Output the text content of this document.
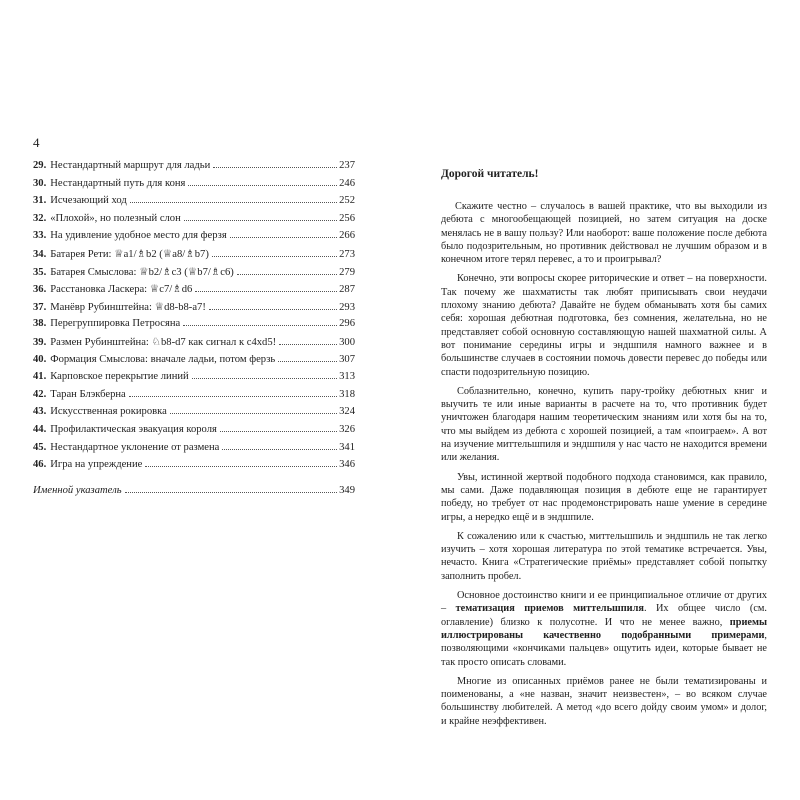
4
29. Нестандартный маршрут для ладьи	237
30. Нестандартный путь для коня	246
31. Исчезающий ход	252
32. «Плохой», но полезный слон	256
33. На удивление удобное место для ферзя	266
34. Батарея Рети: ♕a1/♗b2 (♕a8/♗b7)	273
35. Батарея Смыслова: ♕b2/♗c3 (♕b7/♗c6)	279
36. Расстановка Ласкера: ♕c7/♗d6	287
37. Манёвр Рубинштейна: ♕d8-b8-a7!	293
38. Перегруппировка Петросяна	296
39. Размен Рубинштейна: ♘b8-d7 как сигнал к c4xd5!	300
40. Формация Смыслова: вначале ладьи, потом ферзь	307
41. Карповское перекрытие линий	313
42. Таран Блэкберна	318
43. Искусственная рокировка	324
44. Профилактическая эвакуация короля	326
45. Нестандартное уклонение от размена	341
46. Игра на упреждение	346
Именной указатель	349
Дорогой читатель!

Скажите честно – случалось в вашей практике, что вы выходили из дебюта с многообещающей позицией, но затем ситуация на доске менялась не в вашу пользу? Или наоборот: ваше положение после дебюта было подозрительным, но противник действовал не лучшим образом и в конечном итоге терял перевес, а то и проигрывал?

Конечно, эти вопросы скорее риторические и ответ – на поверхности. Так почему же шахматисты так любят приписывать свои неудачи плохому знанию дебюта? Давайте не будем обманывать хотя бы самих себя: хорошая дебютная подготовка, без сомнения, желательна, но не представляет собой основную составляющую нашей шахматной силы. А вот понимание середины игры и эндшпиля намного важнее и в большинстве случаев в состоянии помочь довести перевес до победы или спасти подозрительную позицию.

Соблазнительно, конечно, купить пару-тройку дебютных книг и выучить те или иные варианты в расчете на то, что противник будет уничтожен благодаря нашим теоретическим знаниям или хотя бы на то, что мы выйдем из дебюта с хорошей позицией, а там «поиграем». А вот на изучение миттельшпиля и эндшпиля у нас часто не находится времени или желания.

Увы, истинной жертвой подобного подхода становимся, как правило, мы сами. Даже подавляющая позиция в дебюте еще не гарантирует победу, но требует от нас продемонстрировать наше умение в середине игры, а нередко ещё и в эндшпиле.

К сожалению или к счастью, миттельшпиль и эндшпиль не так легко изучить – хотя хорошая литература по этой тематике встречается. Увы, нечасто. Книга «Стратегические приёмы» представляет собой попытку заполнить пробел.

Основное достоинство книги и ее принципиальное отличие от других – тематизация приемов миттельшпиля. Их общее число (см. оглавление) близко к полусотне. И что не менее важно, приемы иллюстрированы качественно подобранными примерами, позволяющими «кончиками пальцев» ощутить идеи, которые бывает не так просто описать словами.

Многие из описанных приёмов ранее не были тематизированы и поименованы, а «не назван, значит неизвестен», – во всяком случае большинству любителей. А метод «до всего дойду своим умом» и долог, и крайне неэффективен.
